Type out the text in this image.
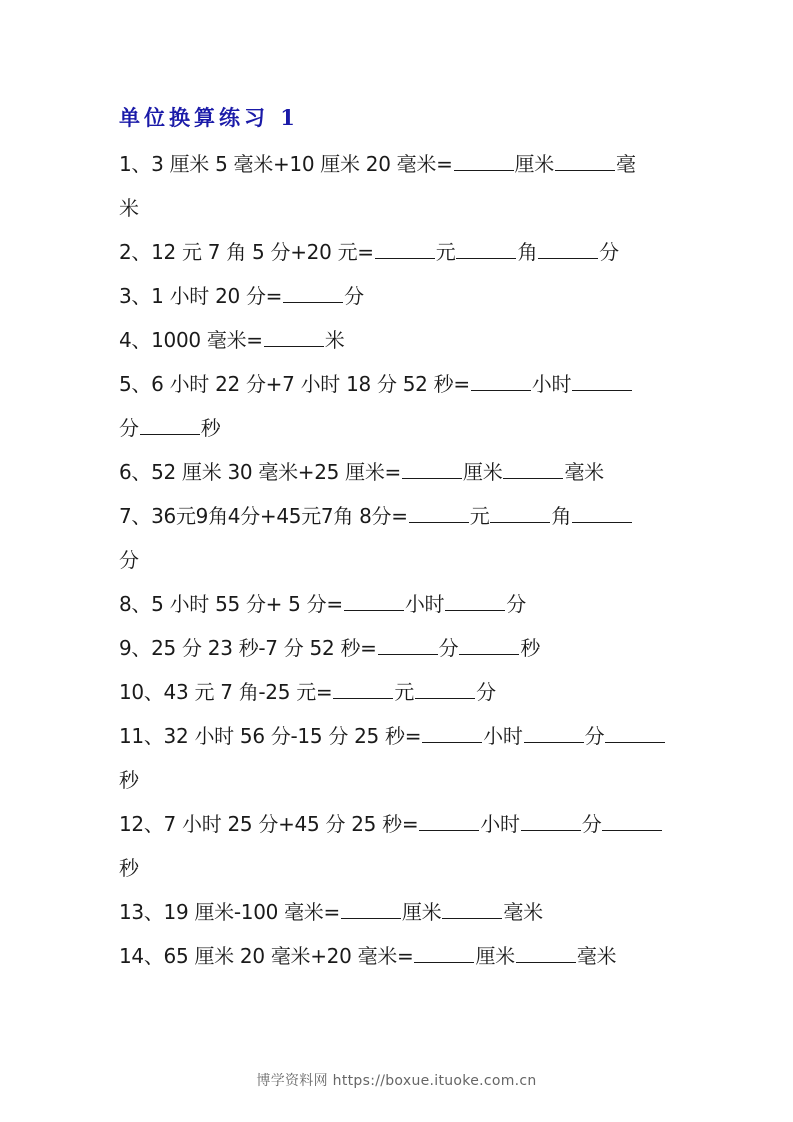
单位换算练习 1
1、3 厘米 5 毫米+10 厘米 20 毫米=	厘米	毫
米
2、12 元 7 角 5 分+20 元=	元	角	分
3、1 小时 20 分=	分
4、1000 毫米=	米
5、6 小时 22 分+7 小时 18 分 52 秒=	小时
分	秒
6、52 厘米 30 毫米+25 厘米=	厘米	毫米
7、36元9角4分+45元7角 8分=	元	角
分
8、5 小时 55 分+ 5 分=	小时	分
9、25 分 23 秒-7 分 52 秒=	分	秒
10、43 元 7 角-25 元=	元	分
11、32 小时 56 分-15 分 25 秒=	小时	分
秒
12、7 小时 25 分+45 分 25 秒=	小时	分
秒
13、19 厘米-100 毫米=	厘米	毫米
14、65 厘米 20 毫米+20 毫米=	厘米	毫米
博学资料网 https://boxue.ituoke.com.cn
